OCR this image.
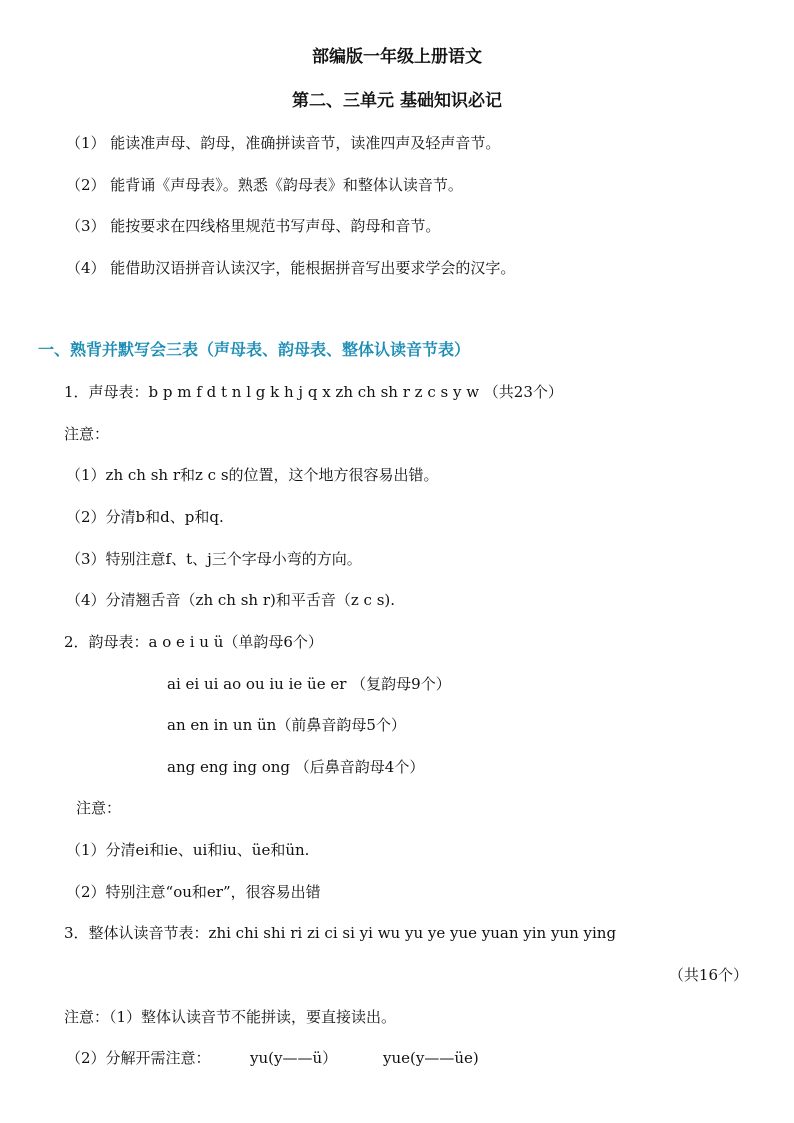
部编版一年级上册语文
第二、三单元 基础知识必记
（1） 能读准声母、韵母，准确拼读音节，读准四声及轻声音节。
（2） 能背诵《声母表》。熟悉《韵母表》和整体认读音节。
（3） 能按要求在四线格里规范书写声母、韵母和音节。
（4） 能借助汉语拼音认读汉字，能根据拼音写出要求学会的汉字。
一、熟背并默写会三表（声母表、韵母表、整体认读音节表）
1．声母表：b p m f d t n l g k h j q x zh ch sh r z c s y w （共23个）
注意：
（1）zh ch sh r和z c s的位置，这个地方很容易出错。
（2）分清b和d、p和q.
（3）特别注意f、t、j三个字母小弯的方向。
（4）分清翘舌音（zh ch sh r)和平舌音（z c s).
2．韵母表：a o e i u ü（单韵母6个）
ai ei ui ao ou iu ie üe er （复韵母9个）
an en in un ün（前鼻音韵母5个）
ang eng ing ong （后鼻音韵母4个）
注意：
（1）分清ei和ie、ui和iu、üe和ün.
（2）特别注意“ou和er”，很容易出错
3．整体认读音节表：zhi chi shi ri zi ci si yi wu yu ye yue yuan yin yun ying
（共16个）
注意：（1）整体认读音节不能拼读，要直接读出。
（2）分解开需注意：	yu(y——ü）	yue(y——üe)
